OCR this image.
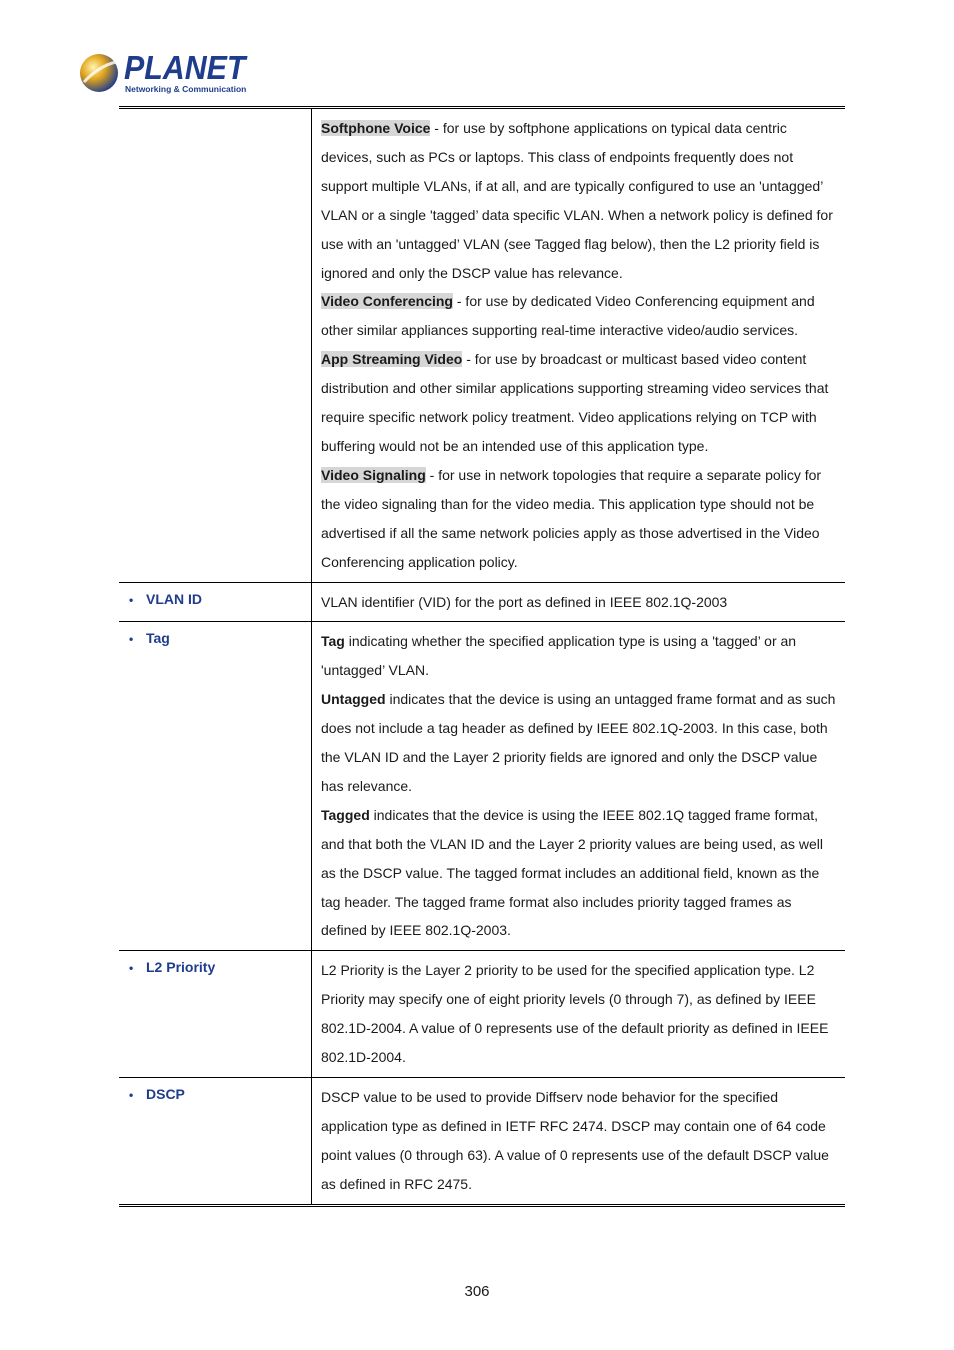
PLANET
Networking & Communication

Softphone Voice - for use by softphone applications on typical data centric devices, such as PCs or laptops. This class of endpoints frequently does not support multiple VLANs, if at all, and are typically configured to use an 'untagged’ VLAN or a single 'tagged’ data specific VLAN. When a network policy is defined for use with an 'untagged’ VLAN (see Tagged flag below), then the L2 priority field is ignored and only the DSCP value has relevance.

Video Conferencing - for use by dedicated Video Conferencing equipment and other similar appliances supporting real-time interactive video/audio services.

App Streaming Video - for use by broadcast or multicast based video content distribution and other similar applications supporting streaming video services that require specific network policy treatment. Video applications relying on TCP with buffering would not be an intended use of this application type.

Video Signaling - for use in network topologies that require a separate policy for the video signaling than for the video media. This application type should not be advertised if all the same network policies apply as those advertised in the Video Conferencing application policy.

• VLAN ID	VLAN identifier (VID) for the port as defined in IEEE 802.1Q-2003

• Tag	Tag indicating whether the specified application type is using a 'tagged’ or an 'untagged’ VLAN.

Untagged indicates that the device is using an untagged frame format and as such does not include a tag header as defined by IEEE 802.1Q-2003. In this case, both the VLAN ID and the Layer 2 priority fields are ignored and only the DSCP value has relevance.

Tagged indicates that the device is using the IEEE 802.1Q tagged frame format, and that both the VLAN ID and the Layer 2 priority values are being used, as well as the DSCP value. The tagged format includes an additional field, known as the tag header. The tagged frame format also includes priority tagged frames as defined by IEEE 802.1Q-2003.

• L2 Priority	L2 Priority is the Layer 2 priority to be used for the specified application type. L2 Priority may specify one of eight priority levels (0 through 7), as defined by IEEE 802.1D-2004. A value of 0 represents use of the default priority as defined in IEEE 802.1D-2004.

• DSCP	DSCP value to be used to provide Diffserv node behavior for the specified application type as defined in IETF RFC 2474. DSCP may contain one of 64 code point values (0 through 63). A value of 0 represents use of the default DSCP value as defined in RFC 2475.

306
